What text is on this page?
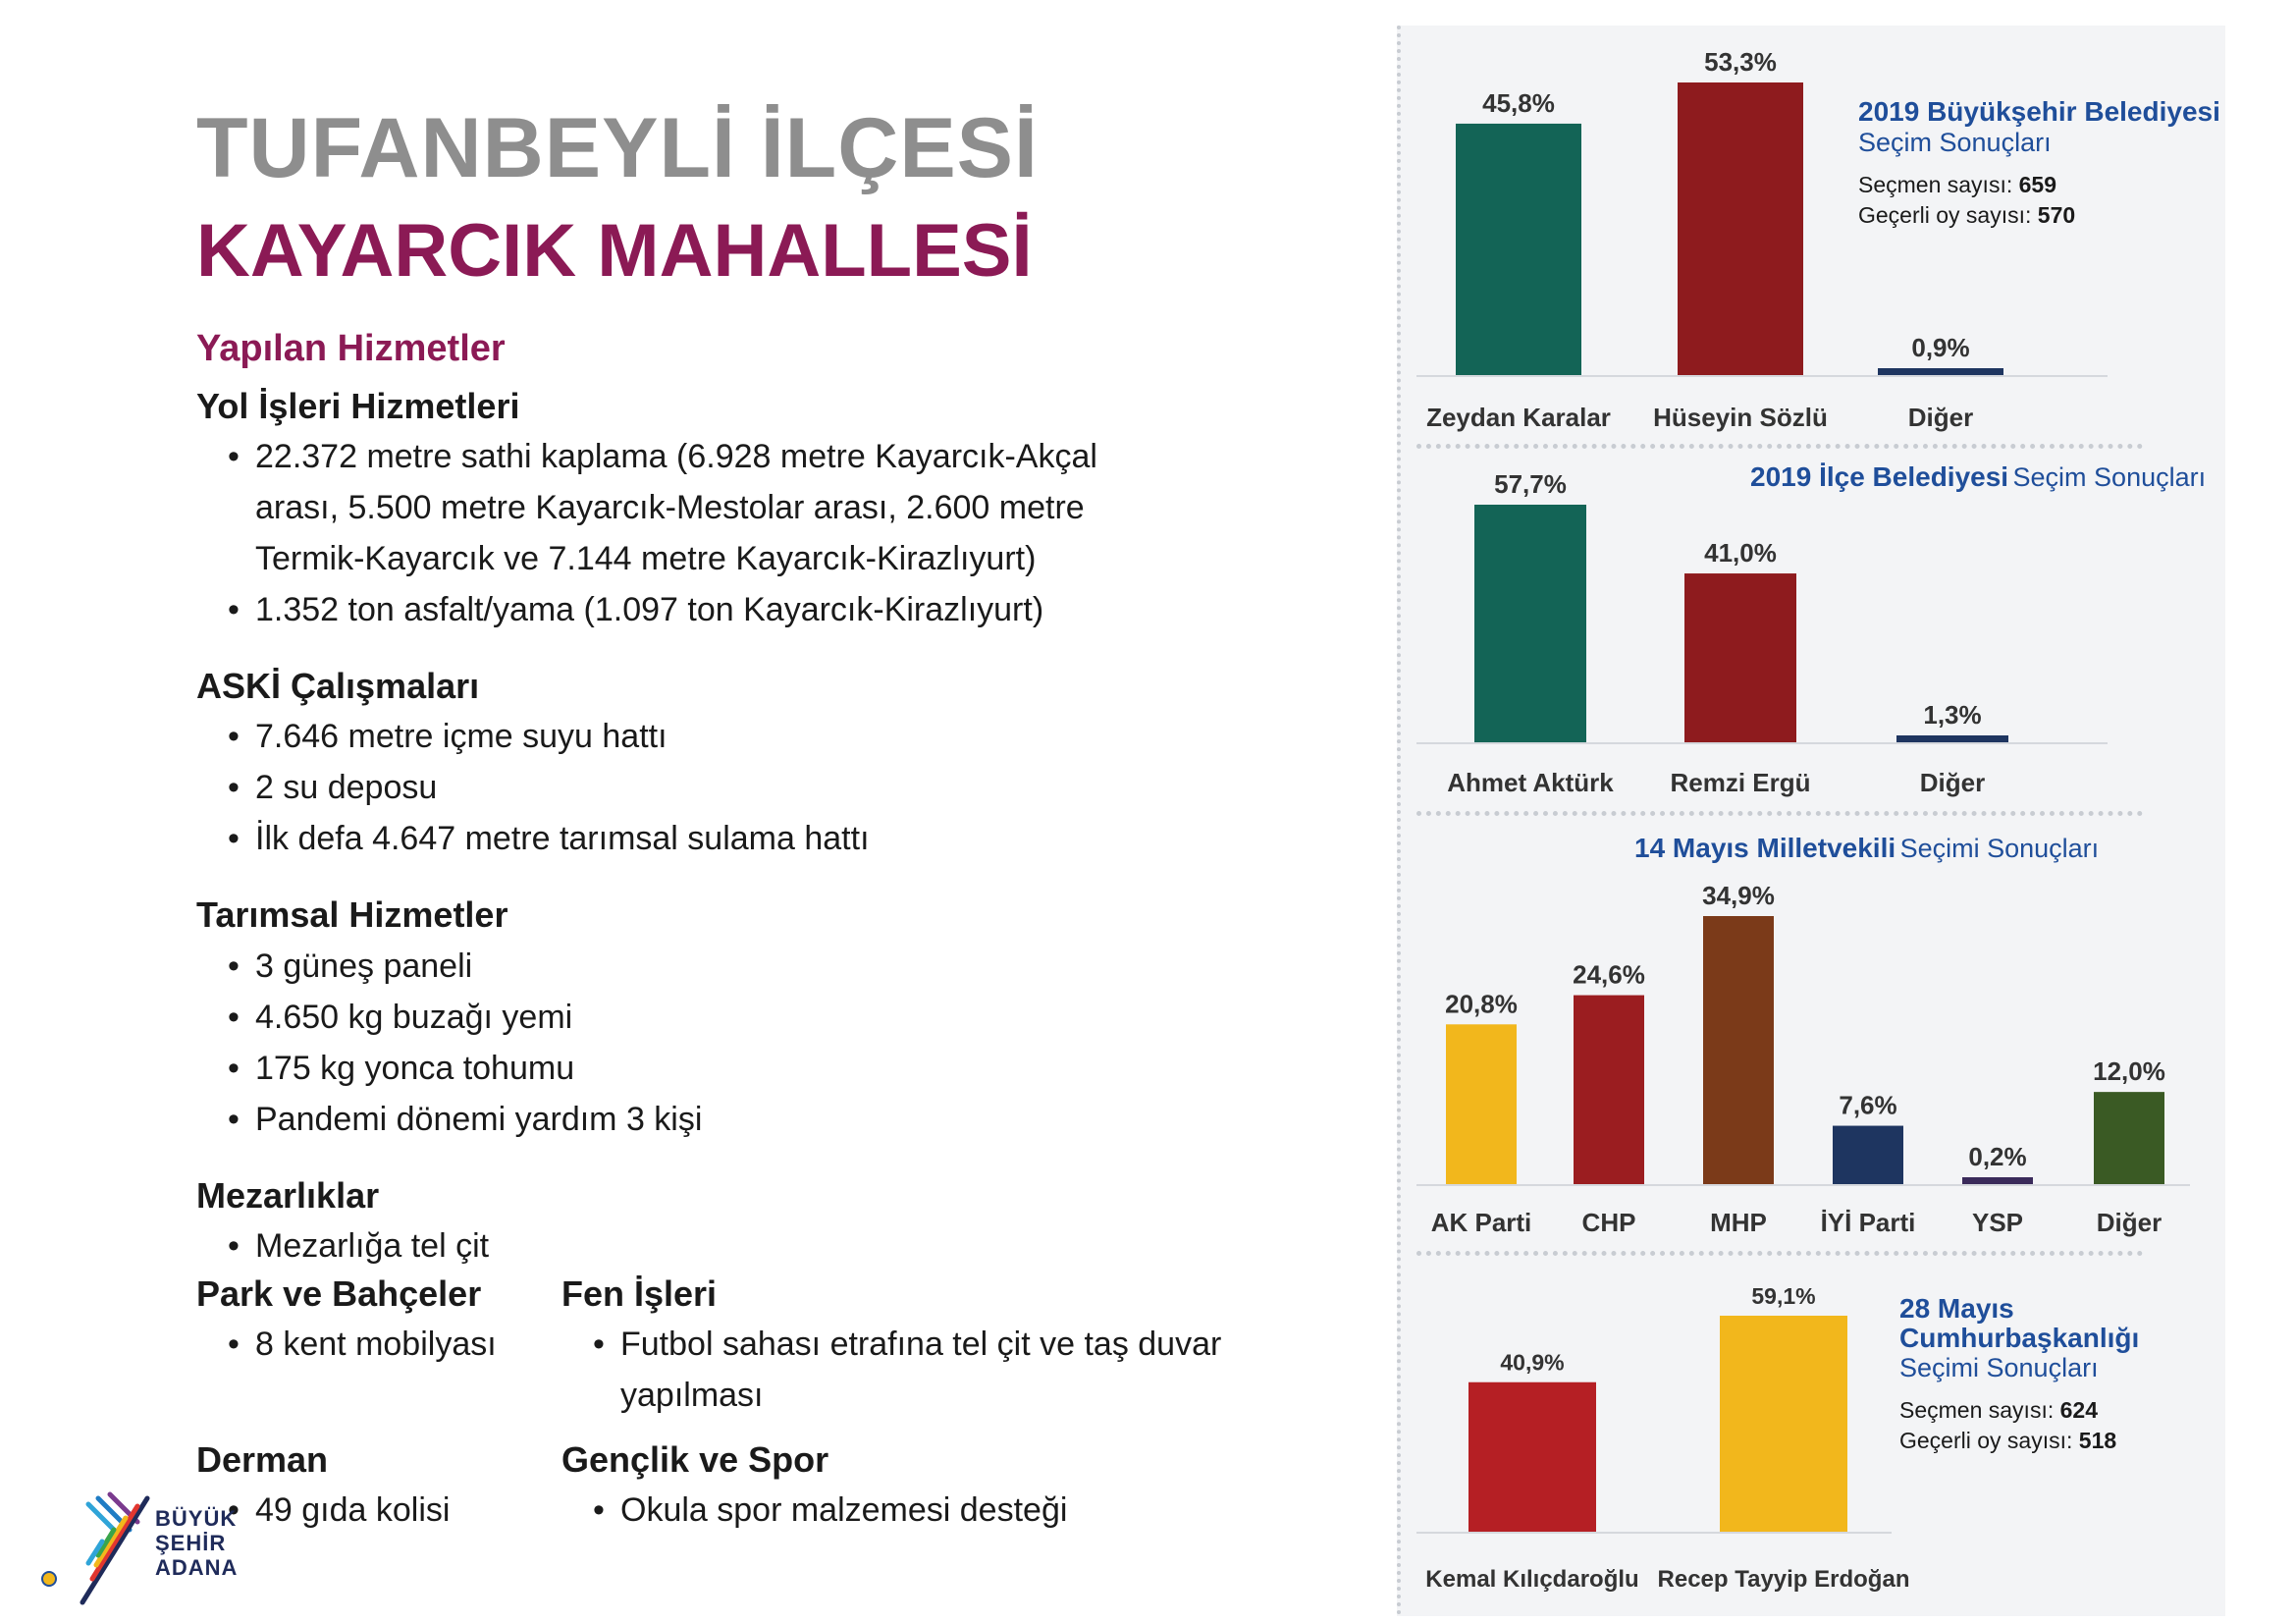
TUFANBEYLİ İLÇESİ
KAYARCIK MAHALLESİ
Yapılan Hizmetler
Yol İşleri Hizmetleri
• 22.372 metre sathi kaplama (6.928 metre Kayarcık-Akçal arası, 5.500 metre Kayarcık-Mestolar arası, 2.600 metre Termik-Kayarcık ve 7.144 metre Kayarcık-Kirazlıyurt)
• 1.352 ton asfalt/yama (1.097 ton Kayarcık-Kirazlıyurt)
ASKİ Çalışmaları
• 7.646 metre içme suyu hattı
• 2 su deposu
• İlk defa 4.647 metre tarımsal sulama hattı
Tarımsal Hizmetler
• 3 güneş paneli
• 4.650 kg buzağı yemi
• 175 kg yonca tohumu
• Pandemi dönemi yardım 3 kişi
Mezarlıklar
• Mezarlığa tel çit
Park ve Bahçeler
• 8 kent mobilyası
Fen İşleri
• Futbol sahası etrafına tel çit ve taş duvar yapılması
Derman
• 49 gıda kolisi
Gençlik ve Spor
• Okula spor malzemesi desteği
BÜYÜK
ŞEHİR
ADANA
2019 Büyükşehir Belediyesi
Seçim Sonuçları
Seçmen sayısı: 659
Geçerli oy sayısı: 570
2019 İlçe Belediyesi Seçim Sonuçları
14 Mayıs Milletvekili Seçimi Sonuçları
28 Mayıs Cumhurbaşkanlığı
Seçimi Sonuçları
Seçmen sayısı: 624
Geçerli oy sayısı: 518
45,8%
Zeydan Karalar
53,3%
Hüseyin Sözlü
0,9%
Diğer
57,7%
Ahmet Aktürk
41,0%
Remzi Ergü
1,3%
Diğer
20,8%
AK Parti
24,6%
CHP
34,9%
MHP
7,6%
İYİ Parti
0,2%
YSP
12,0%
Diğer
40,9%
Kemal Kılıçdaroğlu
59,1%
Recep Tayyip Erdoğan
